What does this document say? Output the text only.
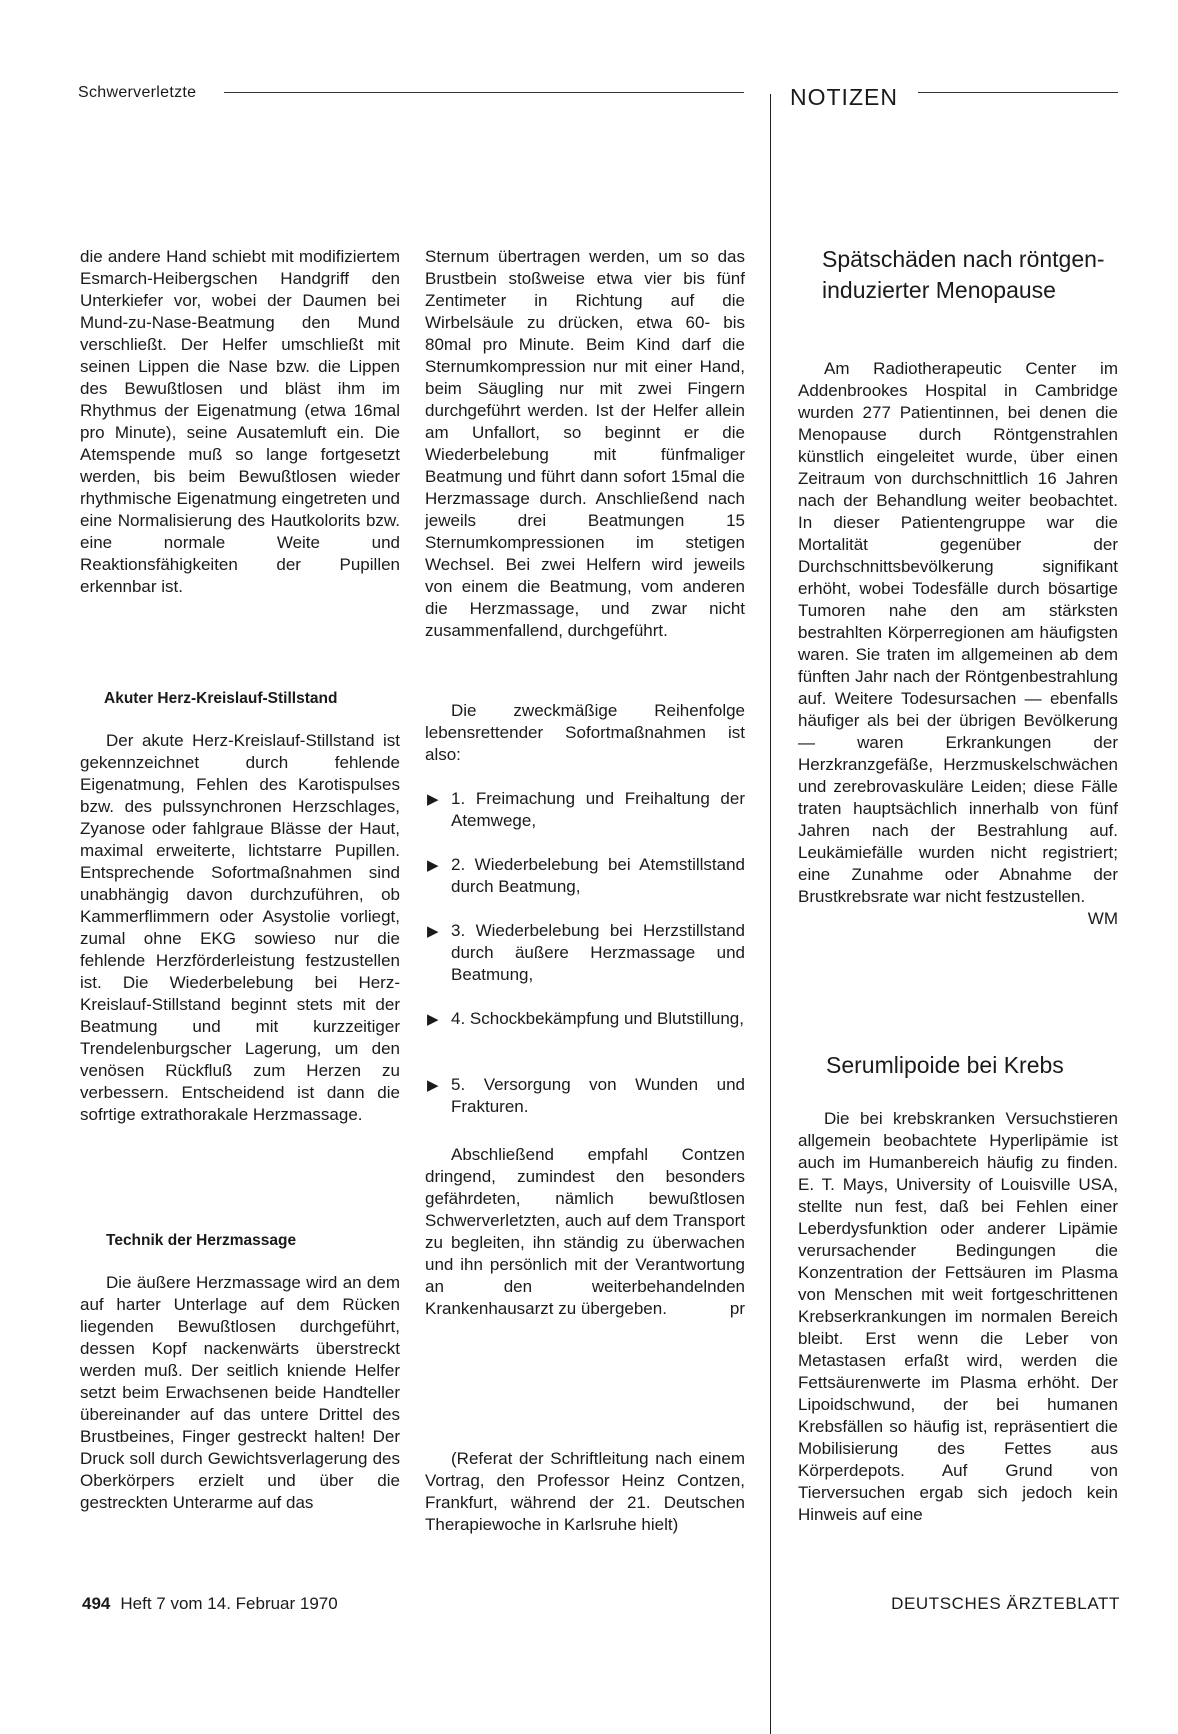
Schwerverletzte	NOTIZEN

die andere Hand schiebt mit modifiziertem Esmarch-Heibergschen Handgriff den Unterkiefer vor, wobei der Daumen bei Mund-zu-Nase-Beatmung den Mund verschließt. Der Helfer umschließt mit seinen Lippen die Nase bzw. die Lippen des Bewußtlosen und bläst ihm im Rhythmus der Eigenatmung (etwa 16mal pro Minute), seine Ausatemluft ein. Die Atemspende muß so lange fortgesetzt werden, bis beim Bewußtlosen wieder rhythmische Eigenatmung eingetreten und eine Normalisierung des Hautkolorits bzw. eine normale Weite und Reaktionsfähigkeiten der Pupillen erkennbar ist.

Akuter Herz-Kreislauf-Stillstand

Der akute Herz-Kreislauf-Stillstand ist gekennzeichnet durch fehlende Eigenatmung, Fehlen des Karotispulses bzw. des pulssynchronen Herzschlages, Zyanose oder fahlgraue Blässe der Haut, maximal erweiterte, lichtstarre Pupillen. Entsprechende Sofortmaßnahmen sind unabhängig davon durchzuführen, ob Kammerflimmern oder Asystolie vorliegt, zumal ohne EKG sowieso nur die fehlende Herzförderleistung festzustellen ist. Die Wiederbelebung bei Herz-Kreislauf-Stillstand beginnt stets mit der Beatmung und mit kurzzeitiger Trendelenburgscher Lagerung, um den venösen Rückfluß zum Herzen zu verbessern. Entscheidend ist dann die sofrtige extrathorakale Herzmassage.

Technik der Herzmassage

Die äußere Herzmassage wird an dem auf harter Unterlage auf dem Rücken liegenden Bewußtlosen durchgeführt, dessen Kopf nackenwärts überstreckt werden muß. Der seitlich kniende Helfer setzt beim Erwachsenen beide Handteller übereinander auf das untere Drittel des Brustbeines, Finger gestreckt halten! Der Druck soll durch Gewichtsverlagerung des Oberkörpers erzielt und über die gestreckten Unterarme auf das

Sternum übertragen werden, um so das Brustbein stoßweise etwa vier bis fünf Zentimeter in Richtung auf die Wirbelsäule zu drücken, etwa 60- bis 80mal pro Minute. Beim Kind darf die Sternumkompression nur mit einer Hand, beim Säugling nur mit zwei Fingern durchgeführt werden. Ist der Helfer allein am Unfallort, so beginnt er die Wiederbelebung mit fünfmaliger Beatmung und führt dann sofort 15mal die Herzmassage durch. Anschließend nach jeweils drei Beatmungen 15 Sternumkompressionen im stetigen Wechsel. Bei zwei Helfern wird jeweils von einem die Beatmung, vom anderen die Herzmassage, und zwar nicht zusammenfallend, durchgeführt.

Die zweckmäßige Reihenfolge lebensrettender Sofortmaßnahmen ist also:

▶ 1. Freimachung und Freihaltung der Atemwege,
▶ 2. Wiederbelebung bei Atemstillstand durch Beatmung,
▶ 3. Wiederbelebung bei Herzstillstand durch äußere Herzmassage und Beatmung,
▶ 4. Schockbekämpfung und Blutstillung,
▶ 5. Versorgung von Wunden und Frakturen.

Abschließend empfahl Contzen dringend, zumindest den besonders gefährdeten, nämlich bewußtlosen Schwerverletzten, auch auf dem Transport zu begleiten, ihn ständig zu überwachen und ihn persönlich mit der Verantwortung an den weiterbehandelnden Krankenhausarzt zu übergeben.	pr

(Referat der Schriftleitung nach einem Vortrag, den Professor Heinz Contzen, Frankfurt, während der 21. Deutschen Therapiewoche in Karlsruhe hielt)

Spätschäden nach röntgen-induzierter Menopause

Am Radiotherapeutic Center im Addenbrookes Hospital in Cambridge wurden 277 Patientinnen, bei denen die Menopause durch Röntgenstrahlen künstlich eingeleitet wurde, über einen Zeitraum von durchschnittlich 16 Jahren nach der Behandlung weiter beobachtet. In dieser Patientengruppe war die Mortalität gegenüber der Durchschnittsbevölkerung signifikant erhöht, wobei Todesfälle durch bösartige Tumoren nahe den am stärksten bestrahlten Körperregionen am häufigsten waren. Sie traten im allgemeinen ab dem fünften Jahr nach der Röntgenbestrahlung auf. Weitere Todesursachen — ebenfalls häufiger als bei der übrigen Bevölkerung — waren Erkrankungen der Herzkranzgefäße, Herzmuskelschwächen und zerebrovaskuläre Leiden; diese Fälle traten hauptsächlich innerhalb von fünf Jahren nach der Bestrahlung auf. Leukämiefälle wurden nicht registriert; eine Zunahme oder Abnahme der Brustkrebsrate war nicht festzustellen.
WM

Serumlipoide bei Krebs

Die bei krebskranken Versuchstieren allgemein beobachtete Hyperlipämie ist auch im Humanbereich häufig zu finden. E. T. Mays, University of Louisville USA, stellte nun fest, daß bei Fehlen einer Leberdysfunktion oder anderer Lipämie verursachender Bedingungen die Konzentration der Fettsäuren im Plasma von Menschen mit weit fortgeschrittenen Krebserkrankungen im normalen Bereich bleibt. Erst wenn die Leber von Metastasen erfaßt wird, werden die Fettsäurenwerte im Plasma erhöht. Der Lipoidschwund, der bei humanen Krebsfällen so häufig ist, repräsentiert die Mobilisierung des Fettes aus Körperdepots. Auf Grund von Tierversuchen ergab sich jedoch kein Hinweis auf eine

494 Heft 7 vom 14. Februar 1970	DEUTSCHES ÄRZTEBLATT
